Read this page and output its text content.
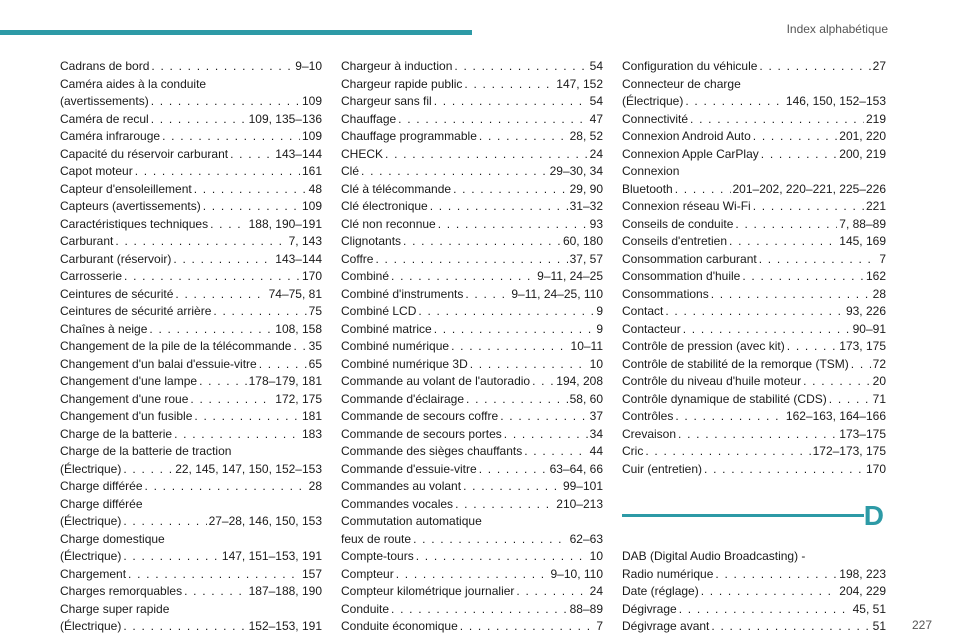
Index alphabétique
Cadrans de bord . . .	9–10
Caméra aides à la conduite
(avertissements) . . .	109
Caméra de recul . . .	109, 135–136
Caméra infrarouge . . .	109
Capacité du réservoir carburant . . .	143–144
Capot moteur . . .	161
Capteur d'ensoleillement . . .	48
Capteurs (avertissements) . . .	109
Caractéristiques techniques . . .	188, 190–191
Carburant . . .	7, 143
Carburant (réservoir) . . .	143–144
Carrosserie . . .	170
Ceintures de sécurité . . .	74–75, 81
Ceintures de sécurité arrière . . .	75
Chaînes à neige . . .	108, 158
Changement de la pile de la télécommande . . . 35
Changement d'un balai d'essuie-vitre . . .	65
Changement d'une lampe . . .	178–179, 181
Changement d'une roue . . .	172, 175
Changement d'un fusible . . .	181
Charge de la batterie . . .	183
Charge de la batterie de traction
(Électrique) . . .	22, 145, 147, 150, 152–153
Charge différée . . .	28
Charge différée
(Électrique) . . .	27–28, 146, 150, 153
Charge domestique
(Électrique) . . .	147, 151–153, 191
Chargement . . .	157
Charges remorquables . . .	187–188, 190
Charge super rapide
(Électrique) . . .	152–153, 191
Chargeur à induction . . .	54
Chargeur rapide public . . .	147, 152
Chargeur sans fil . . .	54
Chauffage . . .	47
Chauffage programmable . . .	28, 52
CHECK . . .	24
Clé . . .	29–30, 34
Clé à télécommande . . .	29, 90
Clé électronique . . .	31–32
Clé non reconnue . . .	93
Clignotants . . .	60, 180
Coffre . . .	37, 57
Combiné . . .	9–11, 24–25
Combiné d'instruments . . .	9–11, 24–25, 110
Combiné LCD . . .	9
Combiné matrice . . .	9
Combiné numérique . . .	10–11
Combiné numérique 3D . . .	10
Commande au volant de l'autoradio . . . 194, 208
Commande d'éclairage . . .	58, 60
Commande de secours coffre . . .	37
Commande de secours portes . . .	34
Commande des sièges chauffants . . .	44
Commande d'essuie-vitre . . .	63–64, 66
Commandes au volant . . .	99–101
Commandes vocales . . .	210–213
Commutation automatique
feux de route . . .	62–63
Compte-tours . . .	10
Compteur . . .	9–10, 110
Compteur kilométrique journalier . . .	24
Conduite . . .	88–89
Conduite économique . . .	7
Configuration du véhicule . . .	27
Connecteur de charge
(Électrique) . . .	146, 150, 152–153
Connectivité . . .	219
Connexion Android Auto . . .	201, 220
Connexion Apple CarPlay . . .	200, 219
Connexion
Bluetooth . . .	201–202, 220–221, 225–226
Connexion réseau Wi-Fi . . .	221
Conseils de conduite . . .	7, 88–89
Conseils d'entretien . . .	145, 169
Consommation carburant . . .	7
Consommation d'huile . . .	162
Consommations . . .	28
Contact . . .	93, 226
Contacteur . . .	90–91
Contrôle de pression (avec kit) . . .	173, 175
Contrôle de stabilité de la remorque (TSM) . . . 72
Contrôle du niveau d'huile moteur . . .	20
Contrôle dynamique de stabilité (CDS) . . .	71
Contrôles . . .	162–163, 164–166
Crevaison . . .	173–175
Cric . . .	172–173, 175
Cuir (entretien) . . .	170
D
DAB (Digital Audio Broadcasting) -
Radio numérique . . .	198, 223
Date (réglage) . . .	204, 229
Dégivrage . . .	45, 51
Dégivrage avant . . .	51 227
